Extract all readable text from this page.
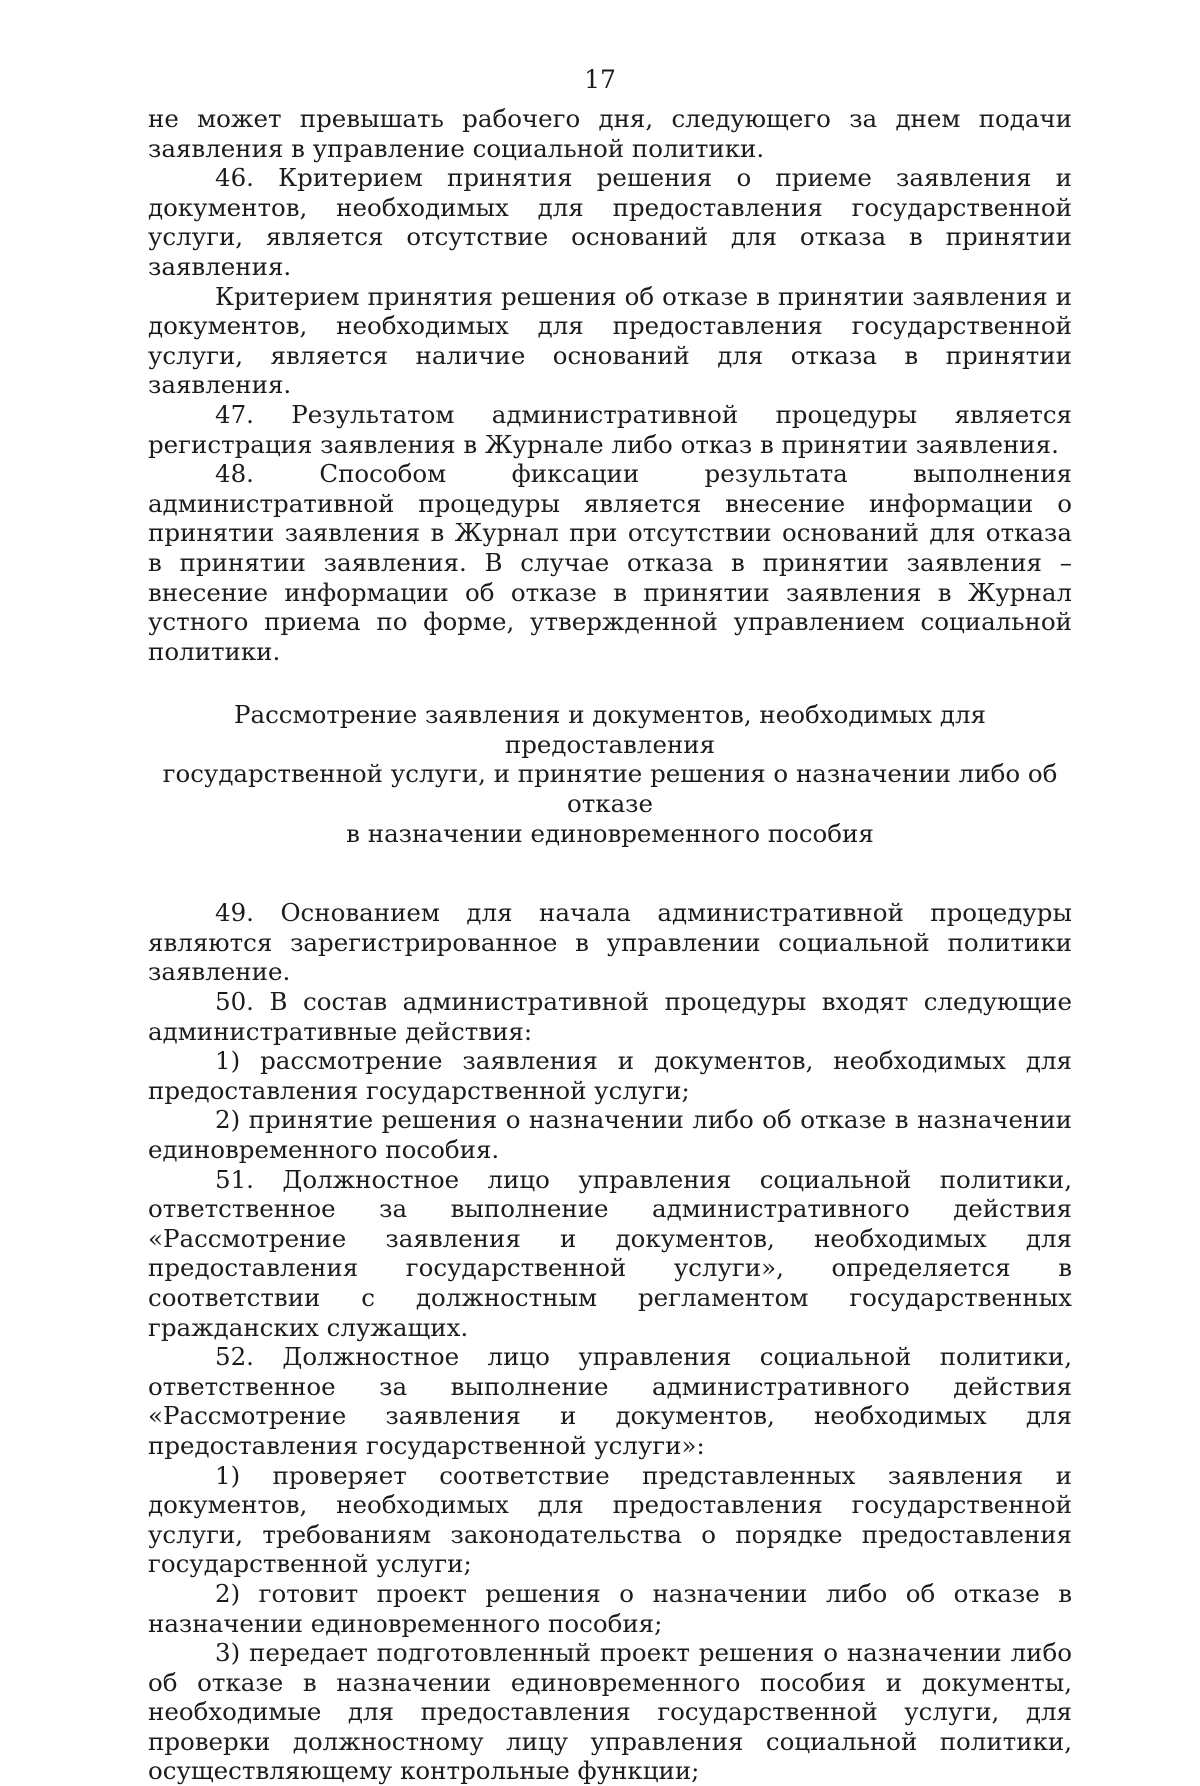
17

не может превышать рабочего дня, следующего за днем подачи заявления в управление социальной политики.

46. Критерием принятия решения о приеме заявления и документов, необходимых для предоставления государственной услуги, является отсутствие оснований для отказа в принятии заявления.

Критерием принятия решения об отказе в принятии заявления и документов, необходимых для предоставления государственной услуги, является наличие оснований для отказа в принятии заявления.

47. Результатом административной процедуры является регистрация заявления в Журнале либо отказ в принятии заявления.

48. Способом фиксации результата выполнения административной процедуры является внесение информации о принятии заявления в Журнал при отсутствии оснований для отказа в принятии заявления. В случае отказа в принятии заявления – внесение информации об отказе в принятии заявления в Журнал устного приема по форме, утвержденной управлением социальной политики.

Рассмотрение заявления и документов, необходимых для предоставления
государственной услуги, и принятие решения о назначении либо об отказе
в назначении единовременного пособия

49. Основанием для начала административной процедуры являются зарегистрированное в управлении социальной политики заявление.

50. В состав административной процедуры входят следующие административные действия:

1) рассмотрение заявления и документов, необходимых для предоставления государственной услуги;

2) принятие решения о назначении либо об отказе в назначении единовременного пособия.

51. Должностное лицо управления социальной политики, ответственное за выполнение административного действия «Рассмотрение заявления и документов, необходимых для предоставления государственной услуги», определяется в соответствии с должностным регламентом государственных гражданских служащих.

52. Должностное лицо управления социальной политики, ответственное за выполнение административного действия «Рассмотрение заявления и документов, необходимых для предоставления государственной услуги»:

1) проверяет соответствие представленных заявления и документов, необходимых для предоставления государственной услуги, требованиям законодательства о порядке предоставления государственной услуги;

2) готовит проект решения о назначении либо об отказе в назначении единовременного пособия;

3) передает подготовленный проект решения о назначении либо об отказе в назначении единовременного пособия и документы, необходимые для предоставления государственной услуги, для проверки должностному лицу управления социальной политики, осуществляющему контрольные функции;
